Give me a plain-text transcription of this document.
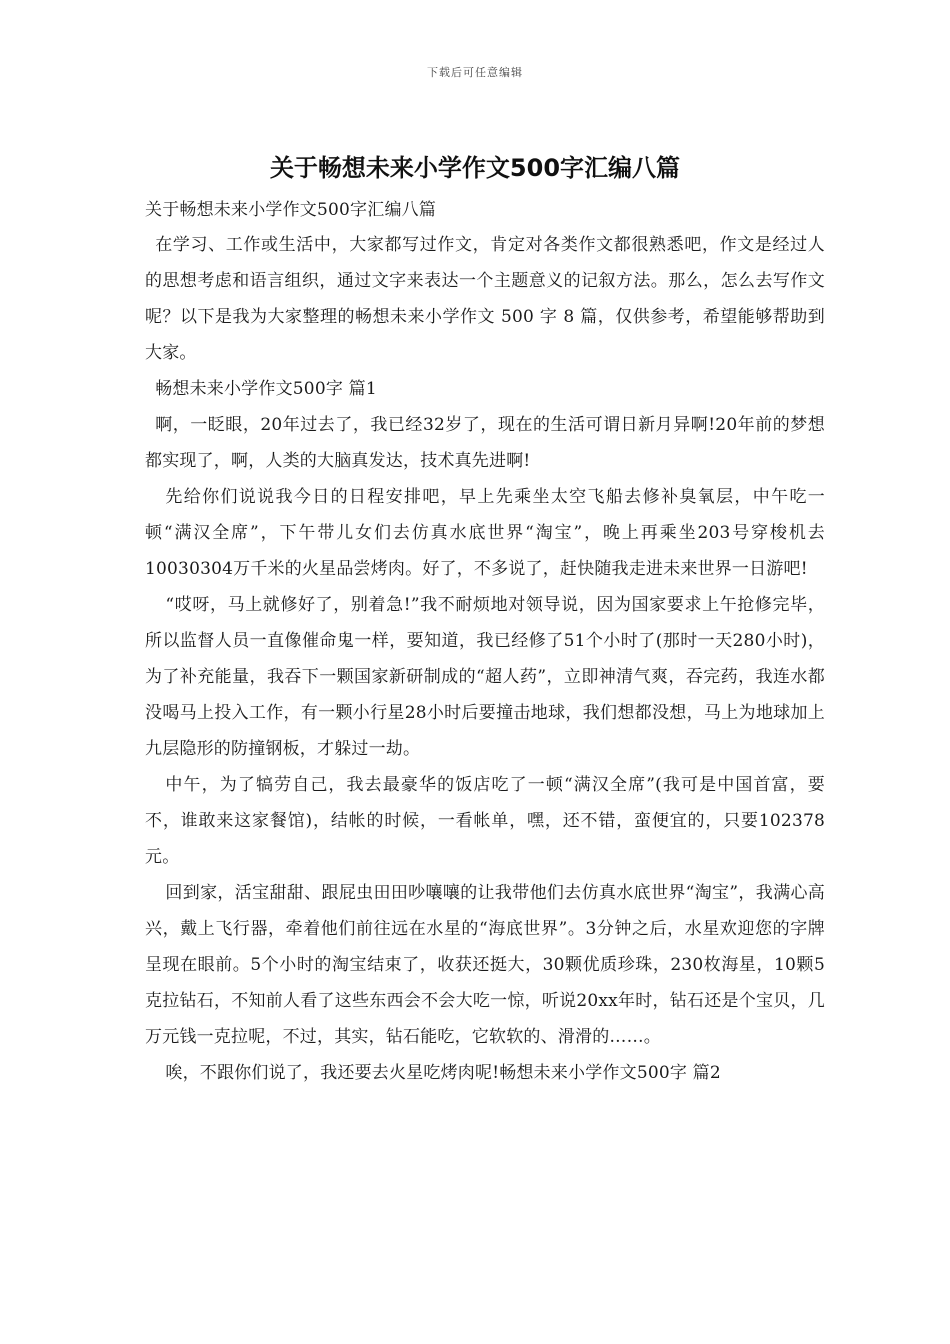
下载后可任意编辑
关于畅想未来小学作文500字汇编八篇

关于畅想未来小学作文500字汇编八篇

在学习、工作或生活中，大家都写过作文，肯定对各类作文都很熟悉吧，作文是经过人的思想考虑和语言组织，通过文字来表达一个主题意义的记叙方法。那么，怎么去写作文呢？以下是我为大家整理的畅想未来小学作文 500 字 8 篇，仅供参考，希望能够帮助到大家。

畅想未来小学作文500字 篇1

啊，一眨眼，20年过去了，我已经32岁了，现在的生活可谓日新月异啊!20年前的梦想都实现了，啊，人类的大脑真发达，技术真先进啊!

先给你们说说我今日的日程安排吧，早上先乘坐太空飞船去修补臭氧层，中午吃一顿“满汉全席”，下午带儿女们去仿真水底世界“淘宝”，晚上再乘坐203号穿梭机去10030304万千米的火星品尝烤肉。好了，不多说了，赶快随我走进未来世界一日游吧!

“哎呀，马上就修好了，别着急!”我不耐烦地对领导说，因为国家要求上午抢修完毕，所以监督人员一直像催命鬼一样，要知道，我已经修了51个小时了(那时一天280小时)，为了补充能量，我吞下一颗国家新研制成的“超人药”，立即神清气爽，吞完药，我连水都没喝马上投入工作，有一颗小行星28小时后要撞击地球，我们想都没想，马上为地球加上九层隐形的防撞钢板，才躲过一劫。

中午，为了犒劳自己，我去最豪华的饭店吃了一顿“满汉全席”(我可是中国首富，要不，谁敢来这家餐馆)，结帐的时候，一看帐单，嘿，还不错，蛮便宜的，只要102378元。

回到家，活宝甜甜、跟屁虫田田吵嚷嚷的让我带他们去仿真水底世界“淘宝”，我满心高兴，戴上飞行器，牵着他们前往远在水星的“海底世界”。3分钟之后，水星欢迎您的字牌呈现在眼前。5个小时的淘宝结束了，收获还挺大，30颗优质珍珠，230枚海星，10颗5克拉钻石，不知前人看了这些东西会不会大吃一惊，听说20xx年时，钻石还是个宝贝，几万元钱一克拉呢，不过，其实，钻石能吃，它软软的、滑滑的……。

唉，不跟你们说了，我还要去火星吃烤肉呢!畅想未来小学作文500字 篇2
